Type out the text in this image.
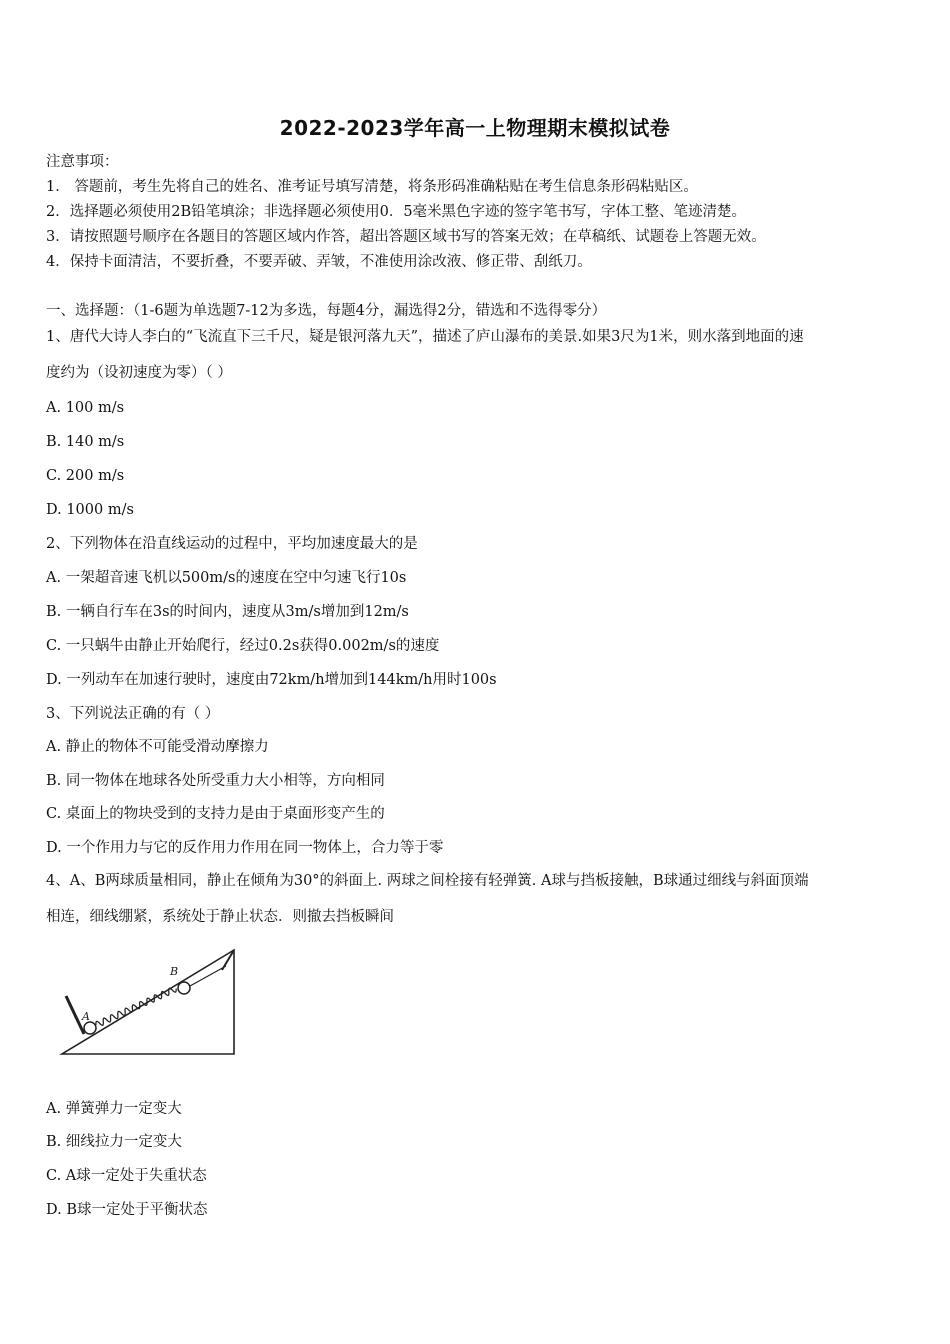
2022-2023学年高一上物理期末模拟试卷
注意事项：
1． 答题前，考生先将自己的姓名、准考证号填写清楚，将条形码准确粘贴在考生信息条形码粘贴区。
2．选择题必须使用2B铅笔填涂；非选择题必须使用0．5毫米黑色字迹的签字笔书写，字体工整、笔迹清楚。
3．请按照题号顺序在各题目的答题区域内作答，超出答题区域书写的答案无效；在草稿纸、试题卷上答题无效。
4．保持卡面清洁，不要折叠，不要弄破、弄皱，不准使用涂改液、修正带、刮纸刀。
一、选择题：（1-6题为单选题7-12为多选，每题4分，漏选得2分，错选和不选得零分）
1、唐代大诗人李白的“飞流直下三千尺，疑是银河落九天”，描述了庐山瀑布的美景.如果3尺为1米，则水落到地面的速
度约为（设初速度为零）（ ）
A. 100 m/s
B. 140 m/s
C. 200 m/s
D. 1000 m/s
2、下列物体在沿直线运动的过程中，平均加速度最大的是
A. 一架超音速飞机以500m/s的速度在空中匀速飞行10s
B. 一辆自行车在3s的时间内，速度从3m/s增加到12m/s
C. 一只蜗牛由静止开始爬行，经过0.2s获得0.002m/s的速度
D. 一列动车在加速行驶时，速度由72km/h增加到144km/h用时100s
3、下列说法正确的有（ ）
A. 静止的物体不可能受滑动摩擦力
B. 同一物体在地球各处所受重力大小相等，方向相同
C. 桌面上的物块受到的支持力是由于桌面形变产生的
D. 一个作用力与它的反作用力作用在同一物体上，合力等于零
4、A、B两球质量相同，静止在倾角为30°的斜面上. 两球之间栓接有轻弹簧. A球与挡板接触，B球通过细线与斜面顶端
相连，细线绷紧，系统处于静止状态．则撤去挡板瞬间
A
B
A. 弹簧弹力一定变大
B. 细线拉力一定变大
C. A球一定处于失重状态
D. B球一定处于平衡状态
